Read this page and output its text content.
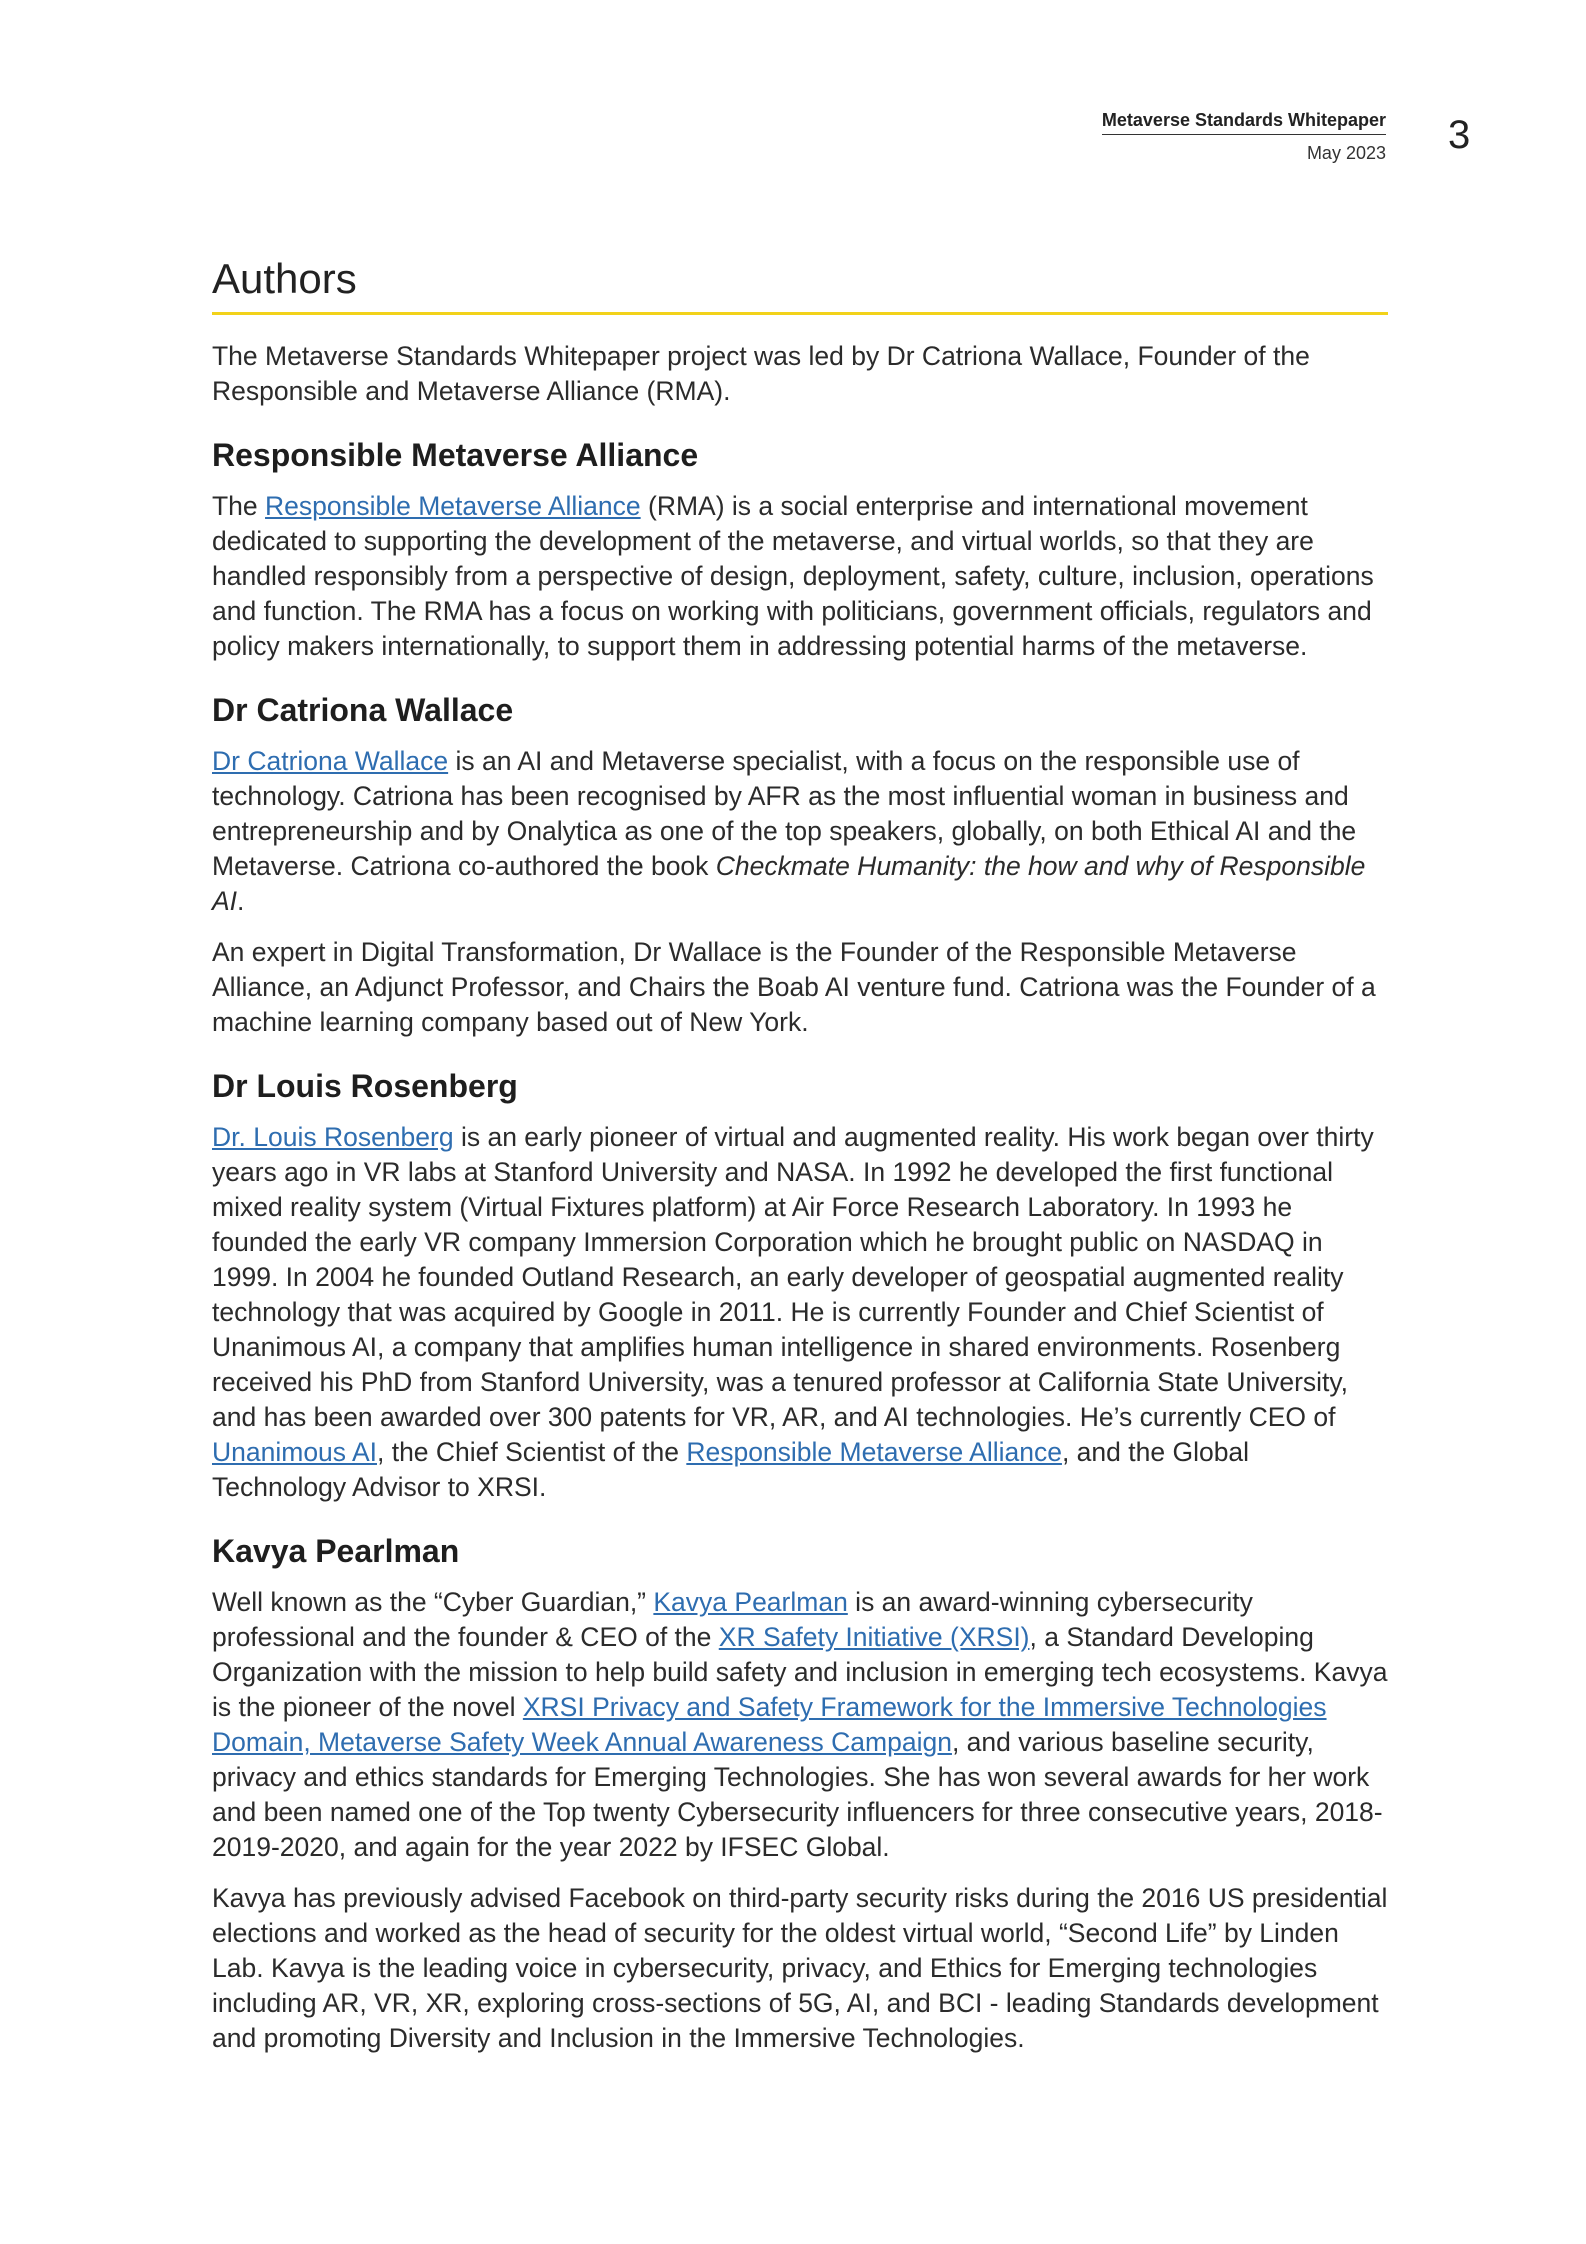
Metaverse Standards Whitepaper
May 2023 3
Authors

The Metaverse Standards Whitepaper project was led by Dr Catriona Wallace, Founder of the Responsible and Metaverse Alliance (RMA).

Responsible Metaverse Alliance

The Responsible Metaverse Alliance (RMA) is a social enterprise and international movement dedicated to supporting the development of the metaverse, and virtual worlds, so that they are handled responsibly from a perspective of design, deployment, safety, culture, inclusion, operations and function. The RMA has a focus on working with politicians, government officials, regulators and policy makers internationally, to support them in addressing potential harms of the metaverse.

Dr Catriona Wallace

Dr Catriona Wallace is an AI and Metaverse specialist, with a focus on the responsible use of technology. Catriona has been recognised by AFR as the most influential woman in business and entrepreneurship and by Onalytica as one of the top speakers, globally, on both Ethical AI and the Metaverse. Catriona co-authored the book Checkmate Humanity: the how and why of Responsible AI.

An expert in Digital Transformation, Dr Wallace is the Founder of the Responsible Metaverse Alliance, an Adjunct Professor, and Chairs the Boab AI venture fund. Catriona was the Founder of a machine learning company based out of New York.

Dr Louis Rosenberg

Dr. Louis Rosenberg is an early pioneer of virtual and augmented reality. His work began over thirty years ago in VR labs at Stanford University and NASA. In 1992 he developed the first functional mixed reality system (Virtual Fixtures platform) at Air Force Research Laboratory. In 1993 he founded the early VR company Immersion Corporation which he brought public on NASDAQ in 1999. In 2004 he founded Outland Research, an early developer of geospatial augmented reality technology that was acquired by Google in 2011. He is currently Founder and Chief Scientist of Unanimous AI, a company that amplifies human intelligence in shared environments. Rosenberg received his PhD from Stanford University, was a tenured professor at California State University, and has been awarded over 300 patents for VR, AR, and AI technologies. He’s currently CEO of Unanimous AI, the Chief Scientist of the Responsible Metaverse Alliance, and the Global Technology Advisor to XRSI.

Kavya Pearlman

Well known as the “Cyber Guardian,” Kavya Pearlman is an award-winning cybersecurity professional and the founder & CEO of the XR Safety Initiative (XRSI), a Standard Developing Organization with the mission to help build safety and inclusion in emerging tech ecosystems. Kavya is the pioneer of the novel XRSI Privacy and Safety Framework for the Immersive Technologies Domain, Metaverse Safety Week Annual Awareness Campaign, and various baseline security, privacy and ethics standards for Emerging Technologies. She has won several awards for her work and been named one of the Top twenty Cybersecurity influencers for three consecutive years, 2018-2019-2020, and again for the year 2022 by IFSEC Global.

Kavya has previously advised Facebook on third-party security risks during the 2016 US presidential elections and worked as the head of security for the oldest virtual world, “Second Life” by Linden Lab. Kavya is the leading voice in cybersecurity, privacy, and Ethics for Emerging technologies including AR, VR, XR, exploring cross-sections of 5G, AI, and BCI - leading Standards development and promoting Diversity and Inclusion in the Immersive Technologies.
